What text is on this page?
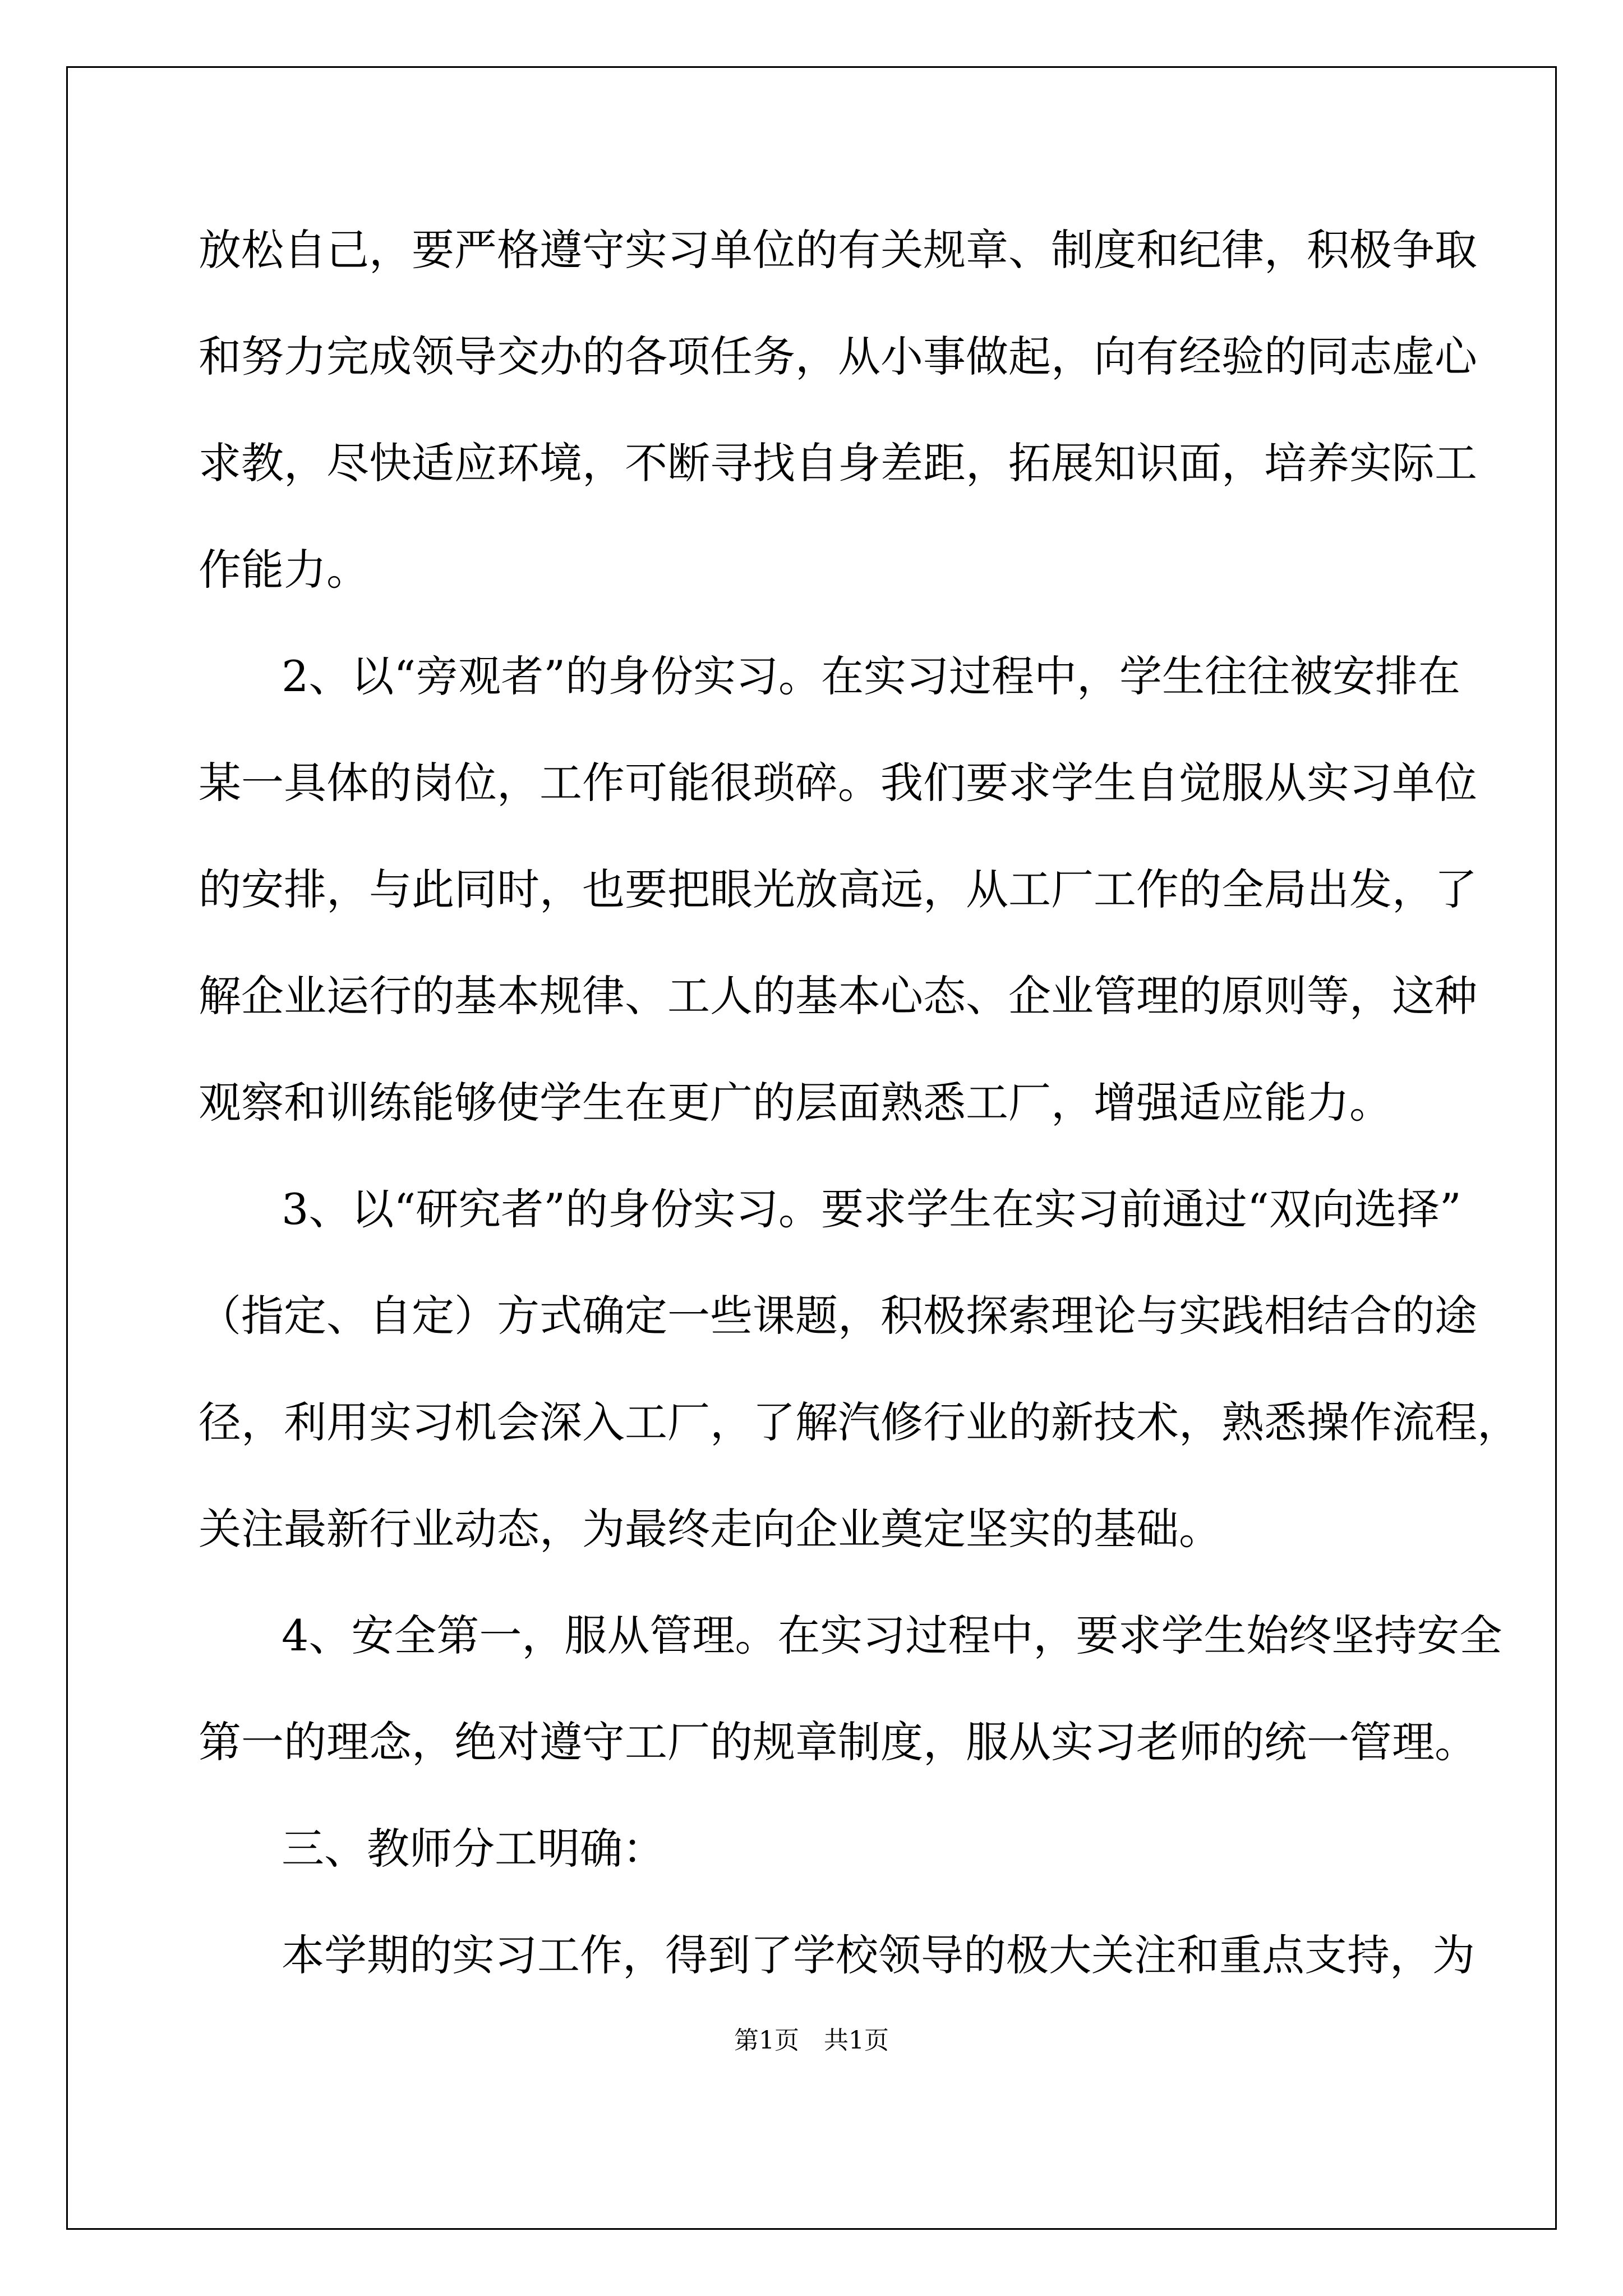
放松自己，要严格遵守实习单位的有关规章、制度和纪律，积极争取
和努力完成领导交办的各项任务，从小事做起，向有经验的同志虚心
求教，尽快适应环境，不断寻找自身差距，拓展知识面，培养实际工
作能力。
2、以“旁观者”的身份实习。在实习过程中，学生往往被安排在
某一具体的岗位，工作可能很琐碎。我们要求学生自觉服从实习单位
的安排，与此同时，也要把眼光放高远，从工厂工作的全局出发，了
解企业运行的基本规律、工人的基本心态、企业管理的原则等，这种
观察和训练能够使学生在更广的层面熟悉工厂，增强适应能力。
3、以“研究者”的身份实习。要求学生在实习前通过“双向选择”
（指定、自定）方式确定一些课题，积极探索理论与实践相结合的途
径，利用实习机会深入工厂，了解汽修行业的新技术，熟悉操作流程，
关注最新行业动态，为最终走向企业奠定坚实的基础。
4、安全第一，服从管理。在实习过程中，要求学生始终坚持安全
第一的理念，绝对遵守工厂的规章制度，服从实习老师的统一管理。
三、教师分工明确：
本学期的实习工作，得到了学校领导的极大关注和重点支持，为
第1页　共1页
